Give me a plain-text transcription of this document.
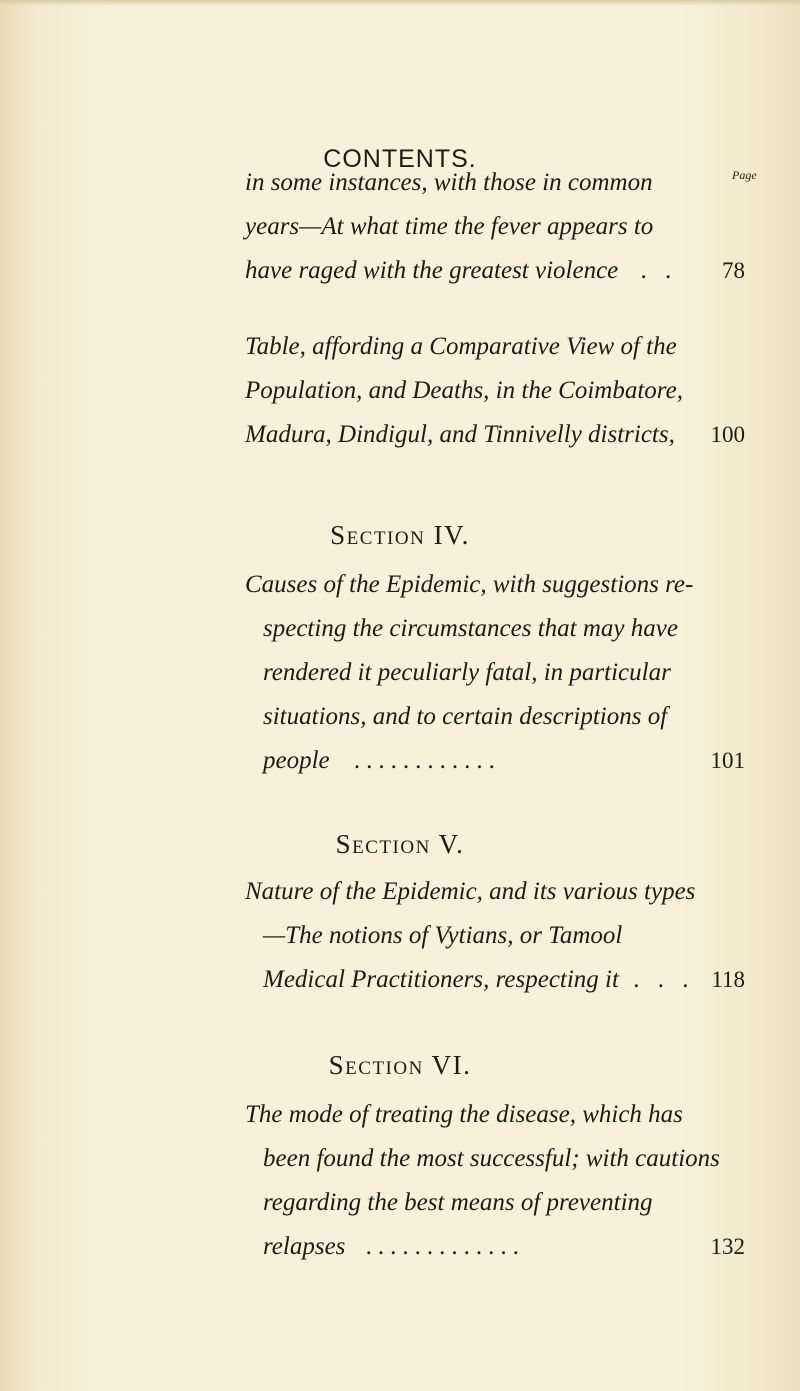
CONTENTS.
Page
in some instances, with those in common
years—At what time the fever appears to
have raged with the greatest violence . . 78
Table, affording a Comparative View of the
Population, and Deaths, in the Coimbatore,
Madura, Dindigul, and Tinnivelly districts, 100
Section IV.
Causes of the Epidemic, with suggestions re-
specting the circumstances that may have
rendered it peculiarly fatal, in particular
situations, and to certain descriptions of
people ............	101
Section V.
Nature of the Epidemic, and its various types
—The notions of Vytians, or Tamool
Medical Practitioners, respecting it . . . 118
Section VI.
The mode of treating the disease, which has
been found the most successful; with cautions
regarding the best means of preventing
relapses .............	132
